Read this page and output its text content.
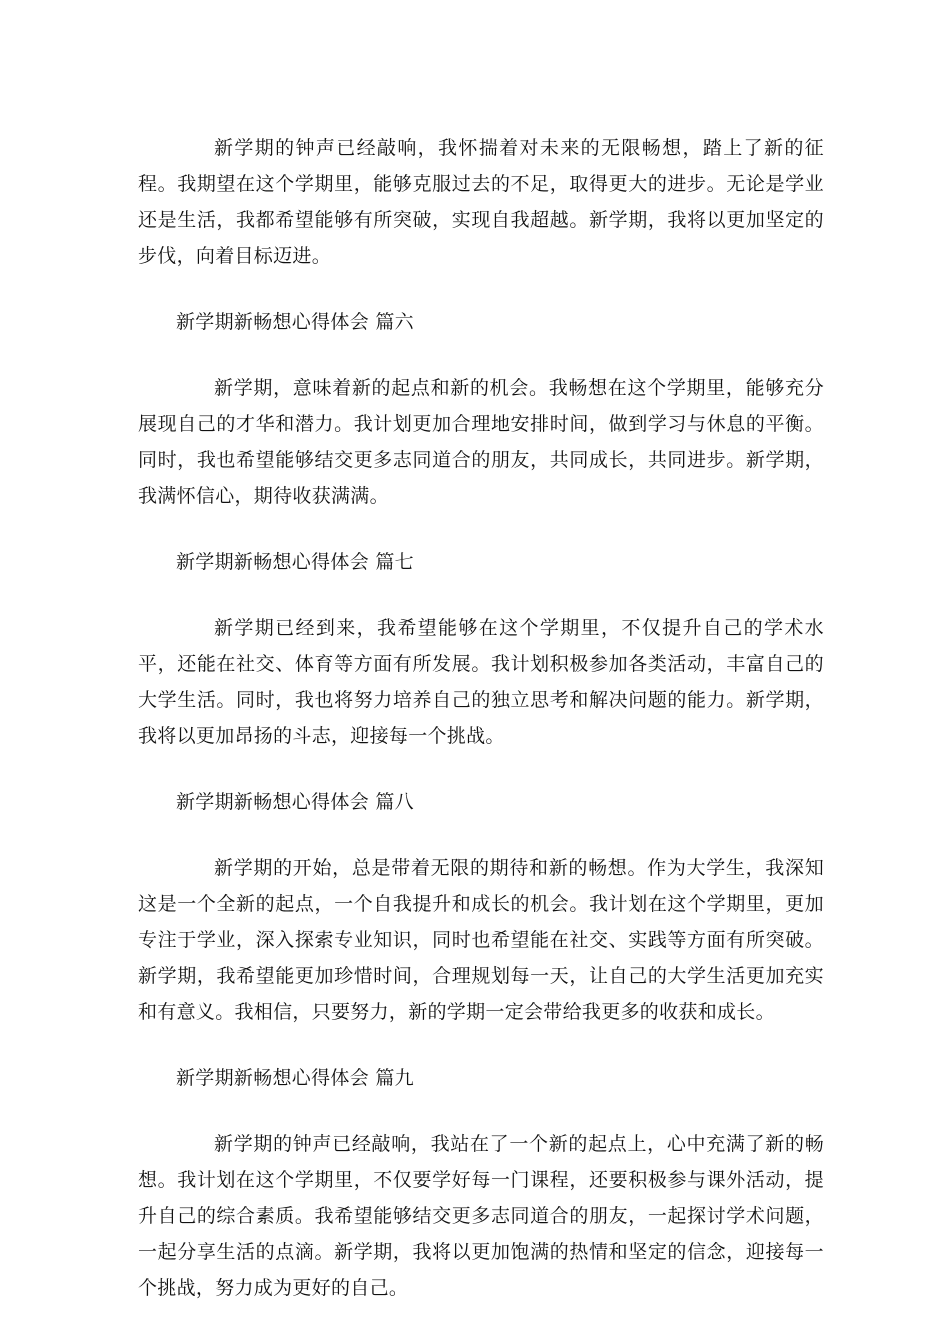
新学期的钟声已经敲响，我怀揣着对未来的无限畅想，踏上了新的征程。我期望在这个学期里，能够克服过去的不足，取得更大的进步。无论是学业还是生活，我都希望能够有所突破，实现自我超越。新学期，我将以更加坚定的步伐，向着目标迈进。

新学期新畅想心得体会 篇六

新学期，意味着新的起点和新的机会。我畅想在这个学期里，能够充分展现自己的才华和潜力。我计划更加合理地安排时间，做到学习与休息的平衡。同时，我也希望能够结交更多志同道合的朋友，共同成长，共同进步。新学期，我满怀信心，期待收获满满。

新学期新畅想心得体会 篇七

新学期已经到来，我希望能够在这个学期里，不仅提升自己的学术水平，还能在社交、体育等方面有所发展。我计划积极参加各类活动，丰富自己的大学生活。同时，我也将努力培养自己的独立思考和解决问题的能力。新学期，我将以更加昂扬的斗志，迎接每一个挑战。

新学期新畅想心得体会 篇八

新学期的开始，总是带着无限的期待和新的畅想。作为大学生，我深知这是一个全新的起点，一个自我提升和成长的机会。我计划在这个学期里，更加专注于学业，深入探索专业知识，同时也希望能在社交、实践等方面有所突破。新学期，我希望能更加珍惜时间，合理规划每一天，让自己的大学生活更加充实和有意义。我相信，只要努力，新的学期一定会带给我更多的收获和成长。

新学期新畅想心得体会 篇九

新学期的钟声已经敲响，我站在了一个新的起点上，心中充满了新的畅想。我计划在这个学期里，不仅要学好每一门课程，还要积极参与课外活动，提升自己的综合素质。我希望能够结交更多志同道合的朋友，一起探讨学术问题，一起分享生活的点滴。新学期，我将以更加饱满的热情和坚定的信念，迎接每一个挑战，努力成为更好的自己。
